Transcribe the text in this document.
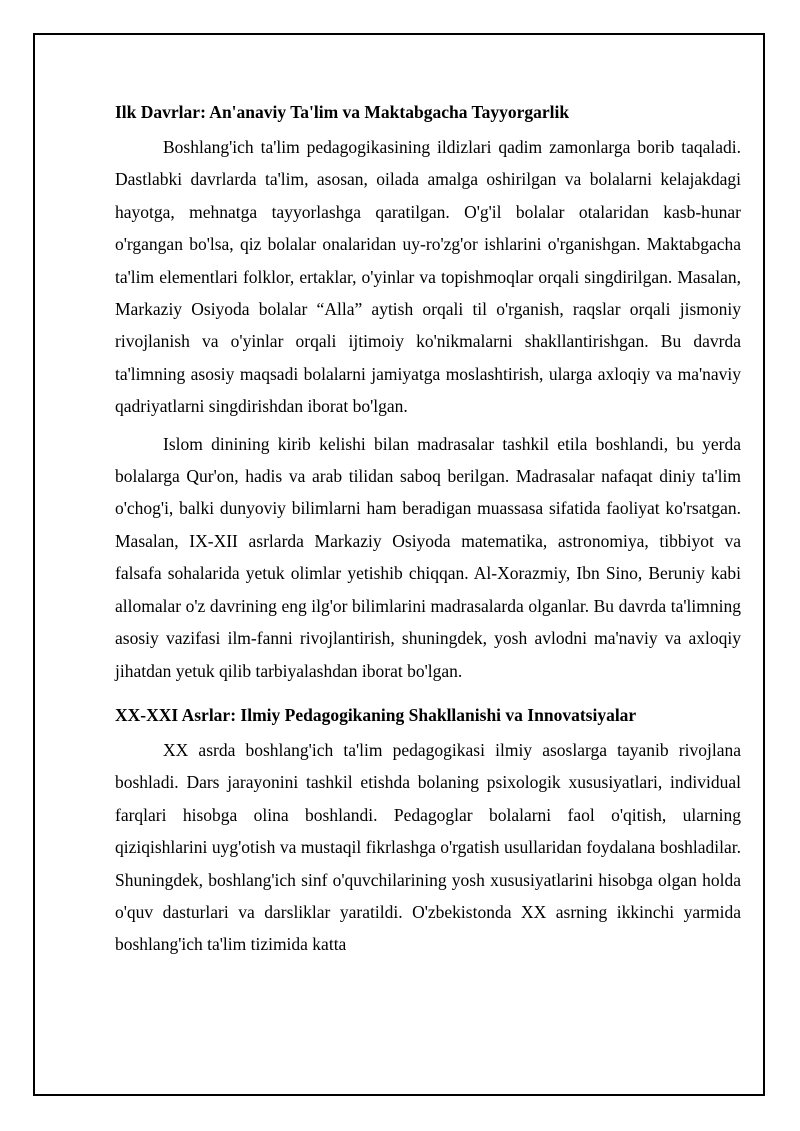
Ilk Davrlar: An'anaviy Ta'lim va Maktabgacha Tayyorgarlik

Boshlang'ich ta'lim pedagogikasining ildizlari qadim zamonlarga borib taqaladi. Dastlabki davrlarda ta'lim, asosan, oilada amalga oshirilgan va bolalarni kelajakdagi hayotga, mehnatga tayyorlashga qaratilgan. O'g'il bolalar otalaridan kasb-hunar o'rgangan bo'lsa, qiz bolalar onalaridan uy-ro'zg'or ishlarini o'rganishgan. Maktabgacha ta'lim elementlari folklor, ertaklar, o'yinlar va topishmoqlar orqali singdirilgan. Masalan, Markaziy Osiyoda bolalar “Alla” aytish orqali til o'rganish, raqslar orqali jismoniy rivojlanish va o'yinlar orqali ijtimoiy ko'nikmalarni shakllantirishgan. Bu davrda ta'limning asosiy maqsadi bolalarni jamiyatga moslashtirish, ularga axloqiy va ma'naviy qadriyatlarni singdirishdan iborat bo'lgan.

Islom dinining kirib kelishi bilan madrasalar tashkil etila boshlandi, bu yerda bolalarga Qur'on, hadis va arab tilidan saboq berilgan. Madrasalar nafaqat diniy ta'lim o'chog'i, balki dunyoviy bilimlarni ham beradigan muassasa sifatida faoliyat ko'rsatgan. Masalan, IX-XII asrlarda Markaziy Osiyoda matematika, astronomiya, tibbiyot va falsafa sohalarida yetuk olimlar yetishib chiqqan. Al-Xorazmiy, Ibn Sino, Beruniy kabi allomalar o'z davrining eng ilg'or bilimlarini madrasalarda olganlar. Bu davrda ta'limning asosiy vazifasi ilm-fanni rivojlantirish, shuningdek, yosh avlodni ma'naviy va axloqiy jihatdan yetuk qilib tarbiyalashdan iborat bo'lgan.

XX-XXI Asrlar: Ilmiy Pedagogikaning Shakllanishi va Innovatsiyalar

XX asrda boshlang'ich ta'lim pedagogikasi ilmiy asoslarga tayanib rivojlana boshladi. Dars jarayonini tashkil etishda bolaning psixologik xususiyatlari, individual farqlari hisobga olina boshlandi. Pedagoglar bolalarni faol o'qitish, ularning qiziqishlarini uyg'otish va mustaqil fikrlashga o'rgatish usullaridan foydalana boshladilar. Shuningdek, boshlang'ich sinf o'quvchilarining yosh xususiyatlarini hisobga olgan holda o'quv dasturlari va darsliklar yaratildi. O'zbekistonda XX asrning ikkinchi yarmida boshlang'ich ta'lim tizimida katta
